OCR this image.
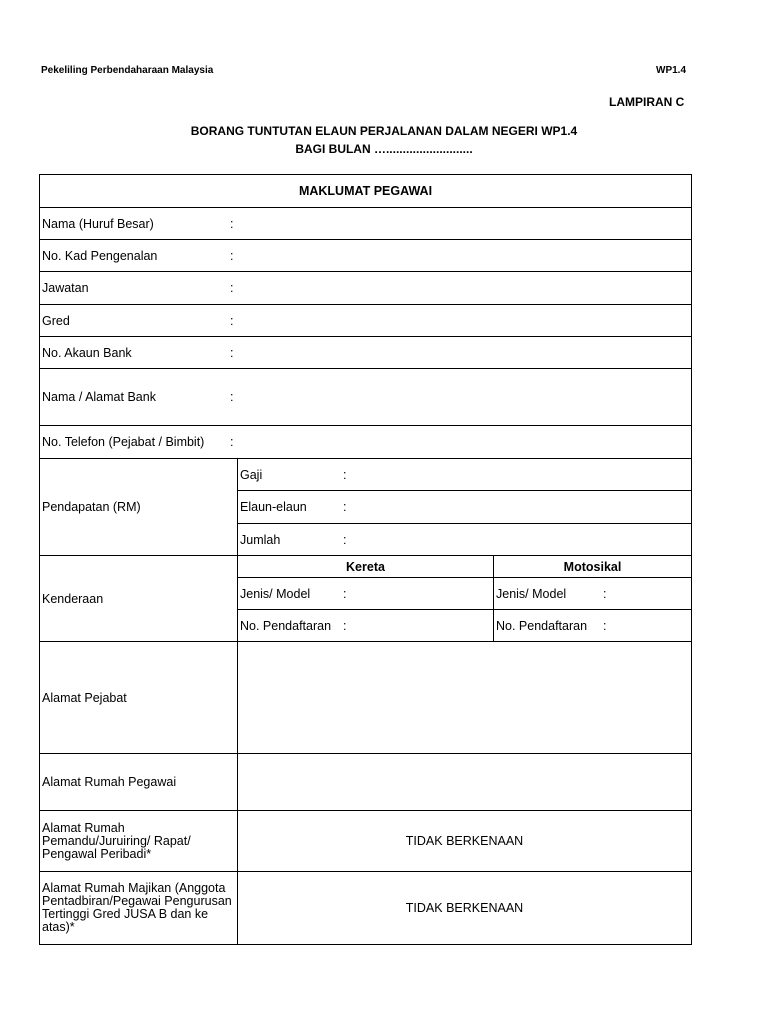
Pekeliling Perbendaharaan Malaysia	WP1.4
LAMPIRAN C
BORANG TUNTUTAN ELAUN PERJALANAN DALAM NEGERI WP1.4
BAGI BULAN …..........................
MAKLUMAT PEGAWAI		
Nama (Huruf Besar) :		
No. Kad Pengenalan :		
Jawatan :		
Gred :		
No. Akaun Bank :		
Nama / Alamat Bank :		
No. Telefon (Pejabat / Bimbit) :		
Pendapatan (RM)	Gaji :	
	Elaun-elaun :	
	Jumlah :	
Kenderaan	Kereta	Motosikal
	Jenis/ Model :	Jenis/ Model :
	No. Pendaftaran :	No. Pendaftaran :
Alamat Pejabat		
Alamat Rumah Pegawai		
Alamat Rumah Pemandu/Juruiring/ Rapat/ Pengawal Peribadi*	TIDAK BERKENAAN	
Alamat Rumah Majikan (Anggota Pentadbiran/Pegawai Pengurusan Tertinggi Gred JUSA B dan ke atas)*	TIDAK BERKENAAN	
